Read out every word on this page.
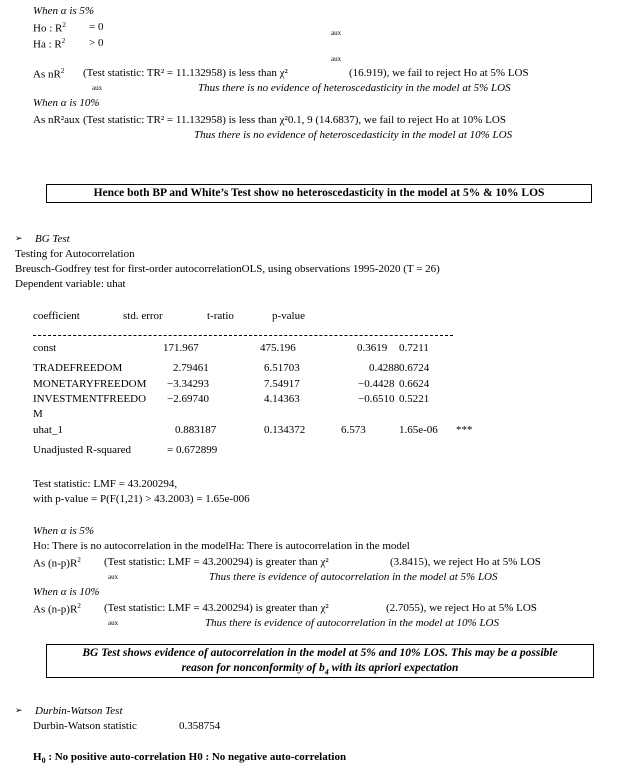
When α is 5%
Ho : $R^2 = 0$
Ha : $R^2 > 0$
aux
aux
As $nR^2$ (Test statistic: TR² = 11.132958) is less than χ²	(16.919), we fail to reject Ho at 5% LOS
aux	Thus there is no evidence of heteroscedasticity in the model at 5% LOS
When α is 10%
As nR²aux (Test statistic: TR² = 11.132958) is less than χ²0.1, 9 (14.6837), we fail to reject Ho at 10% LOS
Thus there is no evidence of heteroscedasticity in the model at 10% LOS
Hence both BP and White’s Test show no heteroscedasticity in the model at 5% & 10% LOS
➢ BG Test
Testing for Autocorrelation
Breusch-Godfrey test for first-order autocorrelationOLS, using observations 1995-2020 (T = 26)
Dependent variable: uhat
coefficient	std. error	t-ratio	p-value
const	171.967	475.196	0.3619 0.7211
TRADEFREEDOM	2.79461	6.51703	0.4288 0.6724
MONETARYFREEDOM −3.34293	7.54917	−0.4428 0.6624
INVESTMENTFREEDO −2.69740	4.14363	−0.6510 0.5221
M
uhat_1	0.883187	0.134372	6.573	1.65e-06 ***
Unadjusted R-squared	= 0.672899
Test statistic: LMF = 43.200294,
with p-value = P(F(1,21) > 43.2003) = 1.65e-006
When α is 5%
Ho: There is no autocorrelation in the modelHa: There is autocorrelation in the model
As $(n-p)R^2$ (Test statistic: LMF = 43.200294) is greater than χ²	(3.8415), we reject Ho at 5% LOS
aux	Thus there is evidence of autocorrelation in the model at 5% LOS
When α is 10%
As $(n-p)R^2$ (Test statistic: LMF = 43.200294) is greater than χ²	(2.7055), we reject Ho at 5% LOS
aux	Thus there is evidence of autocorrelation in the model at 10% LOS
BG Test shows evidence of autocorrelation in the model at 5% and 10% LOS. This may be a possible
reason for nonconformity of $b_4$ with its apriori expectation
➢ Durbin-Watson Test
Durbin-Watson statistic	0.358754
$H_0$ : No positive auto-correlation H0 : No negative auto-correlation
